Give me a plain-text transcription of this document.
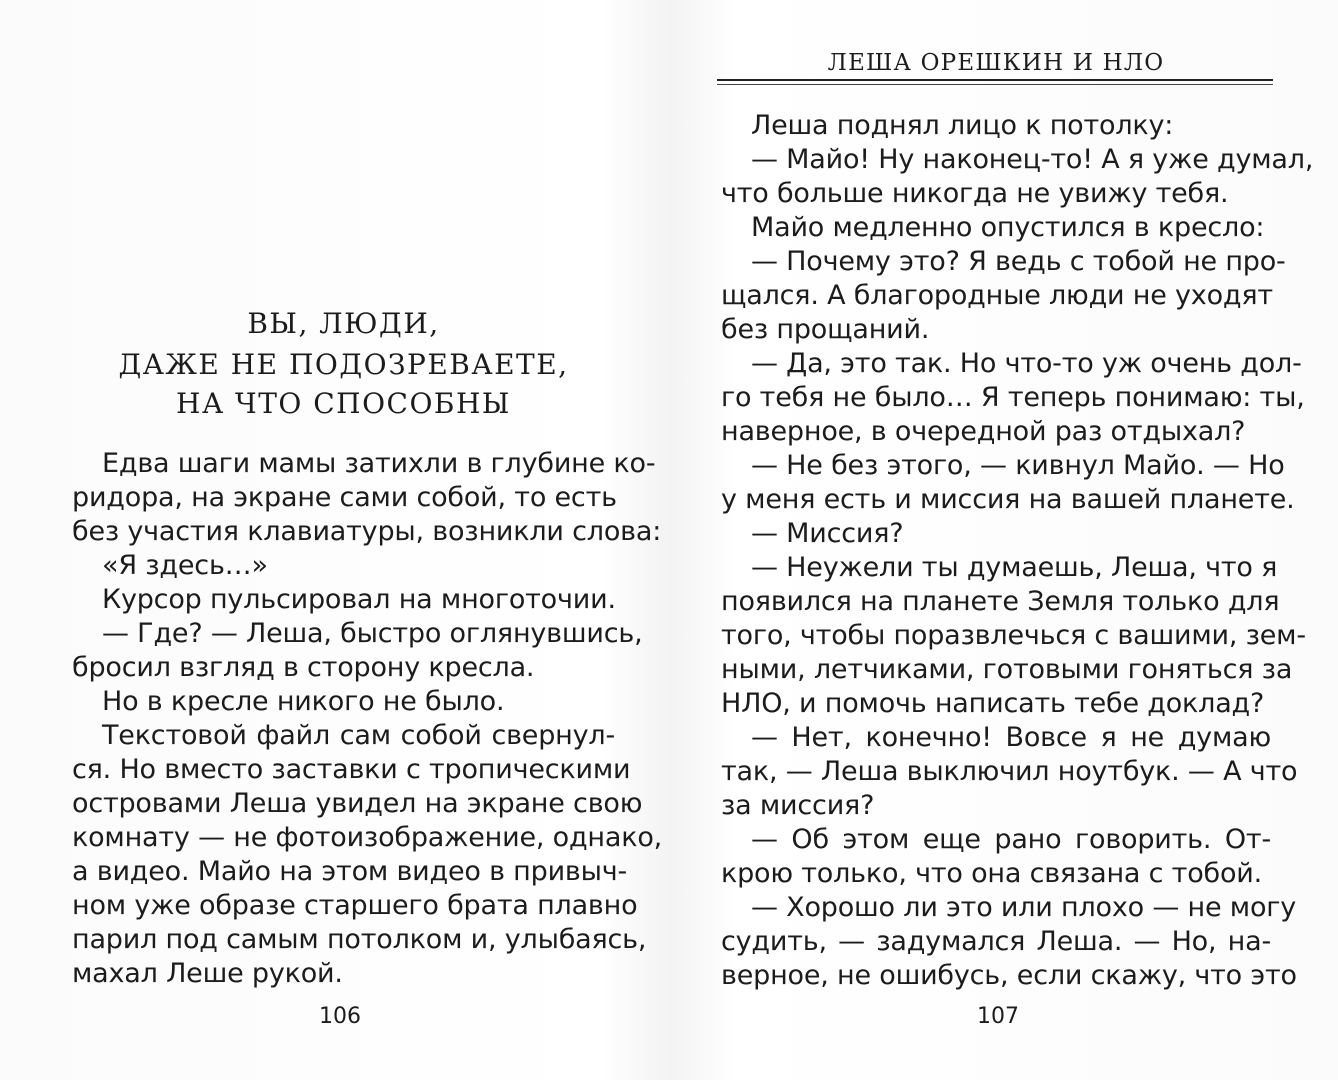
ВЫ, ЛЮДИ,
ДАЖЕ НЕ ПОДОЗРЕВАЕТЕ,
НА ЧТО СПОСОБНЫ
Едва шаги мамы затихли в глубине ко-
ридора, на экране сами собой, то есть
без участия клавиатуры, возникли слова:
«Я здесь…»
Курсор пульсировал на многоточии.
— Где? — Леша, быстро оглянувшись,
бросил взгляд в сторону кресла.
Но в кресле никого не было.
Текстовой файл сам собой свернул-
ся. Но вместо заставки с тропическими
островами Леша увидел на экране свою
комнату — не фотоизображение, однако,
а видео. Майо на этом видео в привыч-
ном уже образе старшего брата плавно
парил под самым потолком и, улыбаясь,
махал Леше рукой.
106
ЛЕША ОРЕШКИН И НЛО
Леша поднял лицо к потолку:
— Майо! Ну наконец-то! А я уже думал,
что больше никогда не увижу тебя.
Майо медленно опустился в кресло:
— Почему это? Я ведь с тобой не про-
щался. А благородные люди не уходят
без прощаний.
— Да, это так. Но что-то уж очень дол-
го тебя не было… Я теперь понимаю: ты,
наверное, в очередной раз отдыхал?
— Не без этого, — кивнул Майо. — Но
у меня есть и миссия на вашей планете.
— Миссия?
— Неужели ты думаешь, Леша, что я
появился на планете Земля только для
того, чтобы поразвлечься с вашими, зем-
ными, летчиками, готовыми гоняться за
НЛО, и помочь написать тебе доклад?
— Нет, конечно! Вовсе я не думаю
так, — Леша выключил ноутбук. — А что
за миссия?
— Об этом еще рано говорить. От-
крою только, что она связана с тобой.
— Хорошо ли это или плохо — не могу
судить, — задумался Леша. — Но, на-
верное, не ошибусь, если скажу, что это
107
